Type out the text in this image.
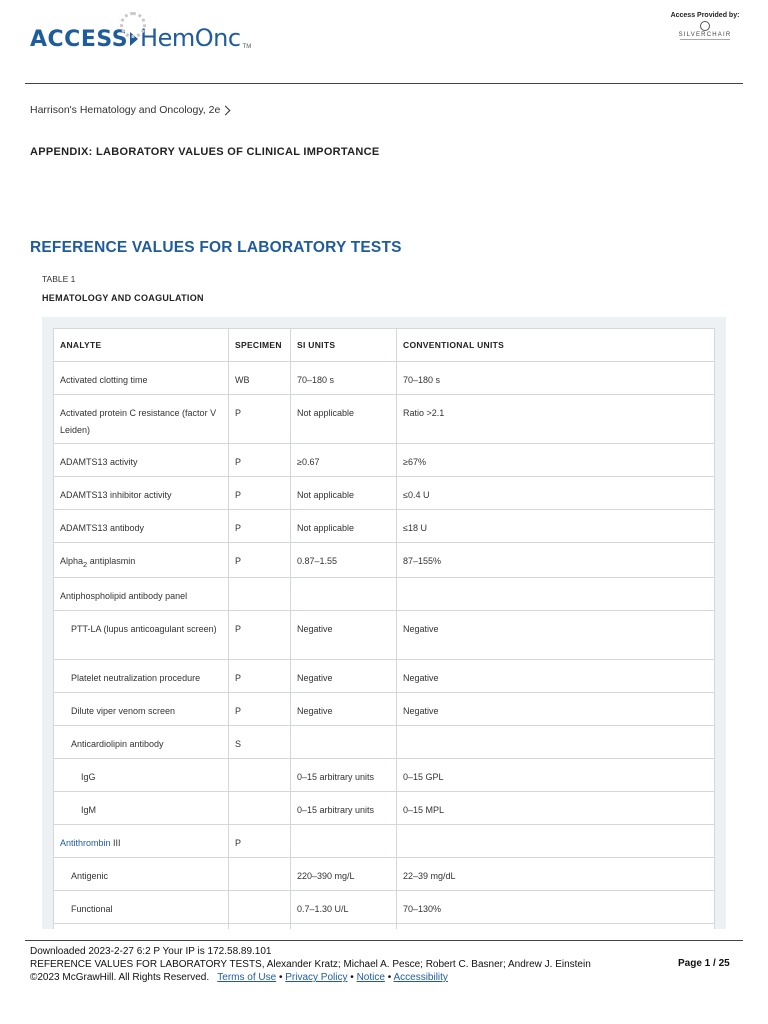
ACCESS HemOnc TM
Access Provided by:
SILVERCHAIR
Harrison's Hematology and Oncology, 2e
APPENDIX: LABORATORY VALUES OF CLINICAL IMPORTANCE
REFERENCE VALUES FOR LABORATORY TESTS
TABLE 1
HEMATOLOGY AND COAGULATION
ANALYTE	SPECIMEN	SI UNITS	CONVENTIONAL UNITS
Activated clotting time	WB	70–180 s	70–180 s
Activated protein C resistance (factor V Leiden)	P	Not applicable	Ratio >2.1
ADAMTS13 activity	P	≥0.67	≥67%
ADAMTS13 inhibitor activity	P	Not applicable	≤0.4 U
ADAMTS13 antibody	P	Not applicable	≤18 U
Alpha$_2$ antiplasmin	P	0.87–1.55	87–155%
Antiphospholipid antibody panel			
PTT-LA (lupus anticoagulant screen)	P	Negative	Negative
Platelet neutralization procedure	P	Negative	Negative
Dilute viper venom screen	P	Negative	Negative
Anticardiolipin antibody	S		
IgG		0–15 arbitrary units	0–15 GPL
IgM		0–15 arbitrary units	0–15 MPL
Antithrombin III	P		
Antigenic		220–390 mg/L	22–39 mg/dL
Functional		0.7–1.30 U/L	70–130%

Downloaded 2023-2-27 6:2 P Your IP is 172.58.89.101
REFERENCE VALUES FOR LABORATORY TESTS, Alexander Kratz; Michael A. Pesce; Robert C. Basner; Andrew J. Einstein
©2023 McGrawHill. All Rights Reserved. Terms of Use • Privacy Policy • Notice • Accessibility
Page 1 / 25
